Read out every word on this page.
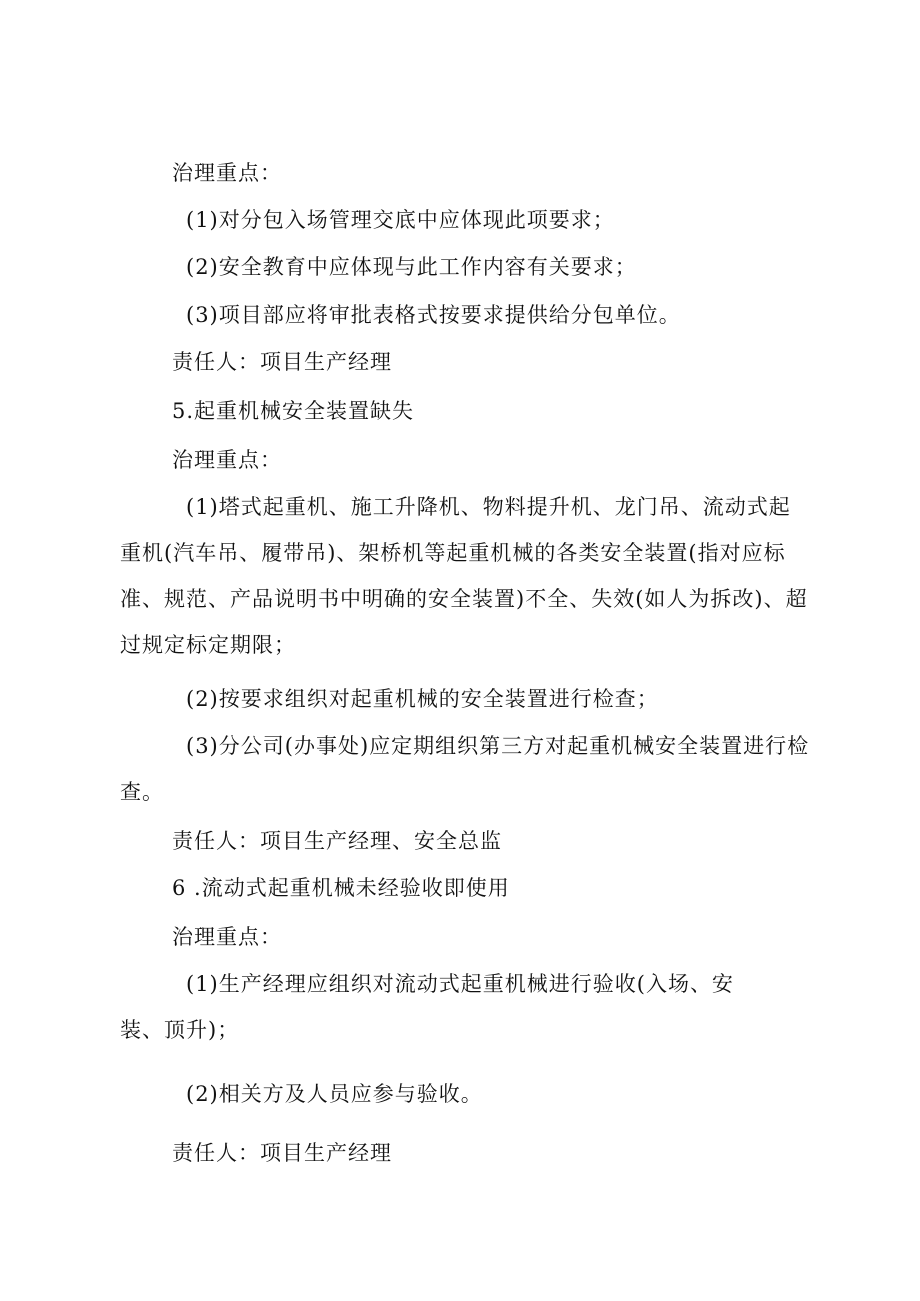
治理重点：
(1)对分包入场管理交底中应体现此项要求；
(2)安全教育中应体现与此工作内容有关要求；
(3)项目部应将审批表格式按要求提供给分包单位。
责任人：项目生产经理
5.起重机械安全装置缺失
治理重点：
(1)塔式起重机、施工升降机、物料提升机、龙门吊、流动式起重机(汽车吊、履带吊)、架桥机等起重机械的各类安全装置(指对应标准、规范、产品说明书中明确的安全装置)不全、失效(如人为拆改)、超过规定标定期限；
(2)按要求组织对起重机械的安全装置进行检查；
(3)分公司(办事处)应定期组织第三方对起重机械安全装置进行检查。
责任人：项目生产经理、安全总监
6 .流动式起重机械未经验收即使用
治理重点：
(1)生产经理应组织对流动式起重机械进行验收(入场、安装、顶升)；
(2)相关方及人员应参与验收。
责任人：项目生产经理
